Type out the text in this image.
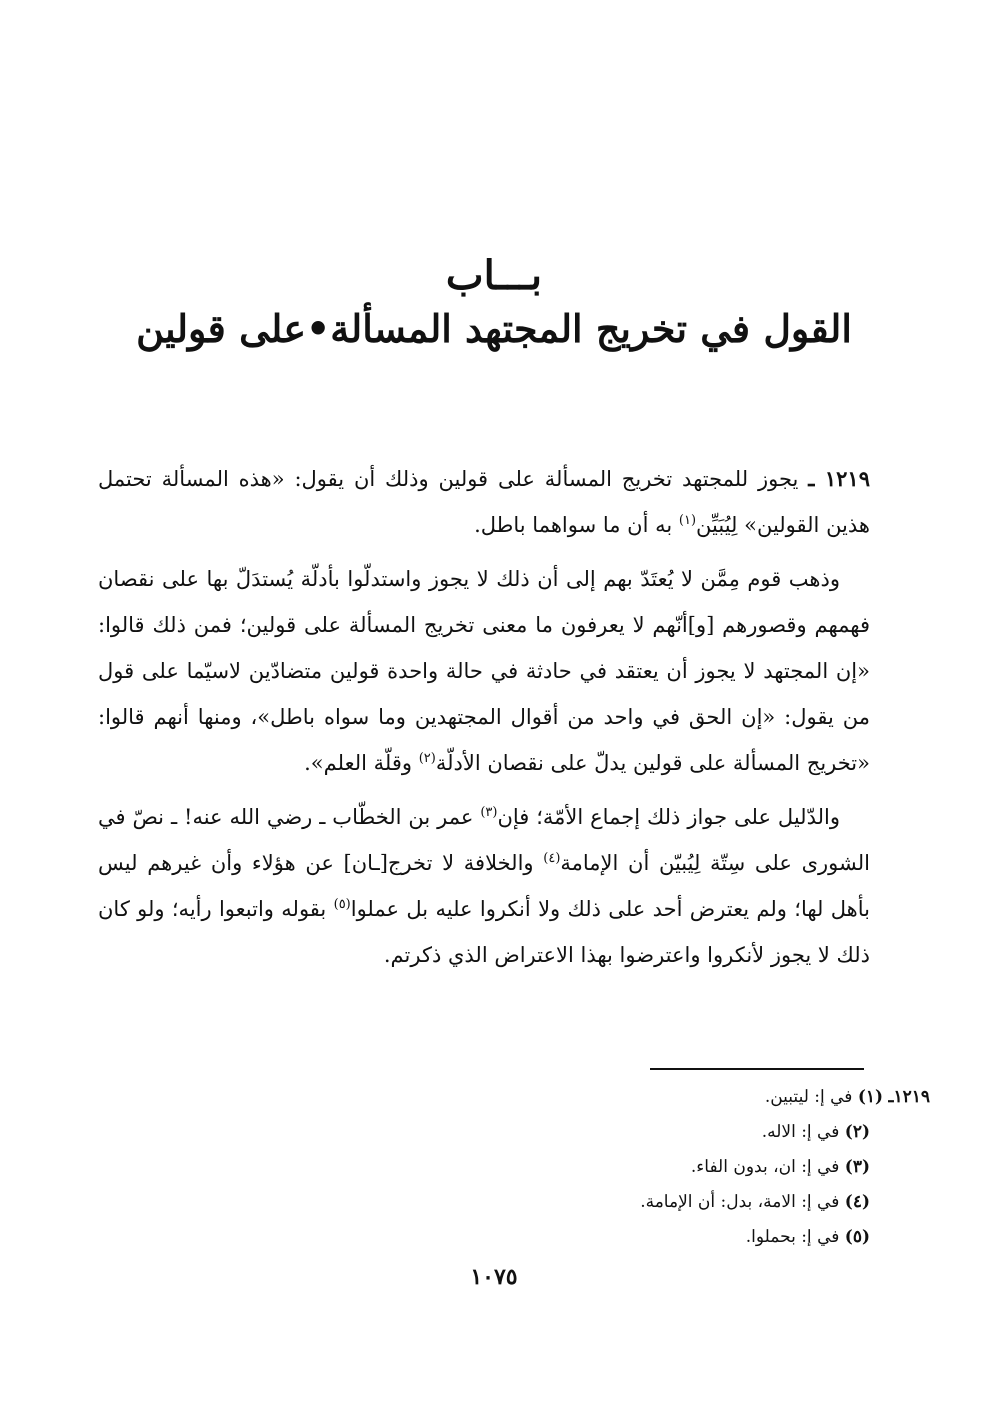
بـــاب
القول في تخريج المجتهد المسألة•على قولين

١٢١٩ ـ يجوز للمجتهد تخريج المسألة على قولين وذلك أن يقول: «هذه المسألة تحتمل هذين القولين» لِيُبَيِّن$^{(١)}$ به أن ما سواهما باطل.

وذهب قوم مِمَّن لا يُعتَدّ بهم إلى أن ذلك لا يجوز واستدلّوا بأدلّة يُستدَلّ بها على نقصان فهمهم وقصورهم [و]أنّهم لا يعرفون ما معنى تخريج المسألة على قولين؛ فمن ذلك قالوا: «إن المجتهد لا يجوز أن يعتقد في حادثة في حالة واحدة قولين متضادّين لاسيّما على قول من يقول: «إن الحق في واحد من أقوال المجتهدين وما سواه باطل»، ومنها أنهم قالوا: «تخريج المسألة على قولين يدلّ على نقصان الأدلّة$^{(٢)}$ وقلّة العلم».

والدّليل على جواز ذلك إجماع الأمّة؛ فإن$^{(٣)}$ عمر بن الخطّاب ـ رضي الله عنه! ـ نصّ في الشورى على سِتّة لِيُبيّن أن الإمامة$^{(٤)}$ والخلافة لا تخرج[ـان] عن هؤلاء وأن غيرهم ليس بأهل لها؛ ولم يعترض أحد على ذلك ولا أنكروا عليه بل عملوا$^{(٥)}$ بقوله واتبعوا رأيه؛ ولو كان ذلك لا يجوز لأنكروا واعترضوا بهذا الاعتراض الذي ذكرتم.

١٢١٩ـ (١) في إ: ليتبين.
(٢) في إ: الاله.
(٣) في إ: ان، بدون الفاء.
(٤) في إ: الامة، بدل: أن الإمامة.
(٥) في إ: بحملوا.
١٠٧٥
